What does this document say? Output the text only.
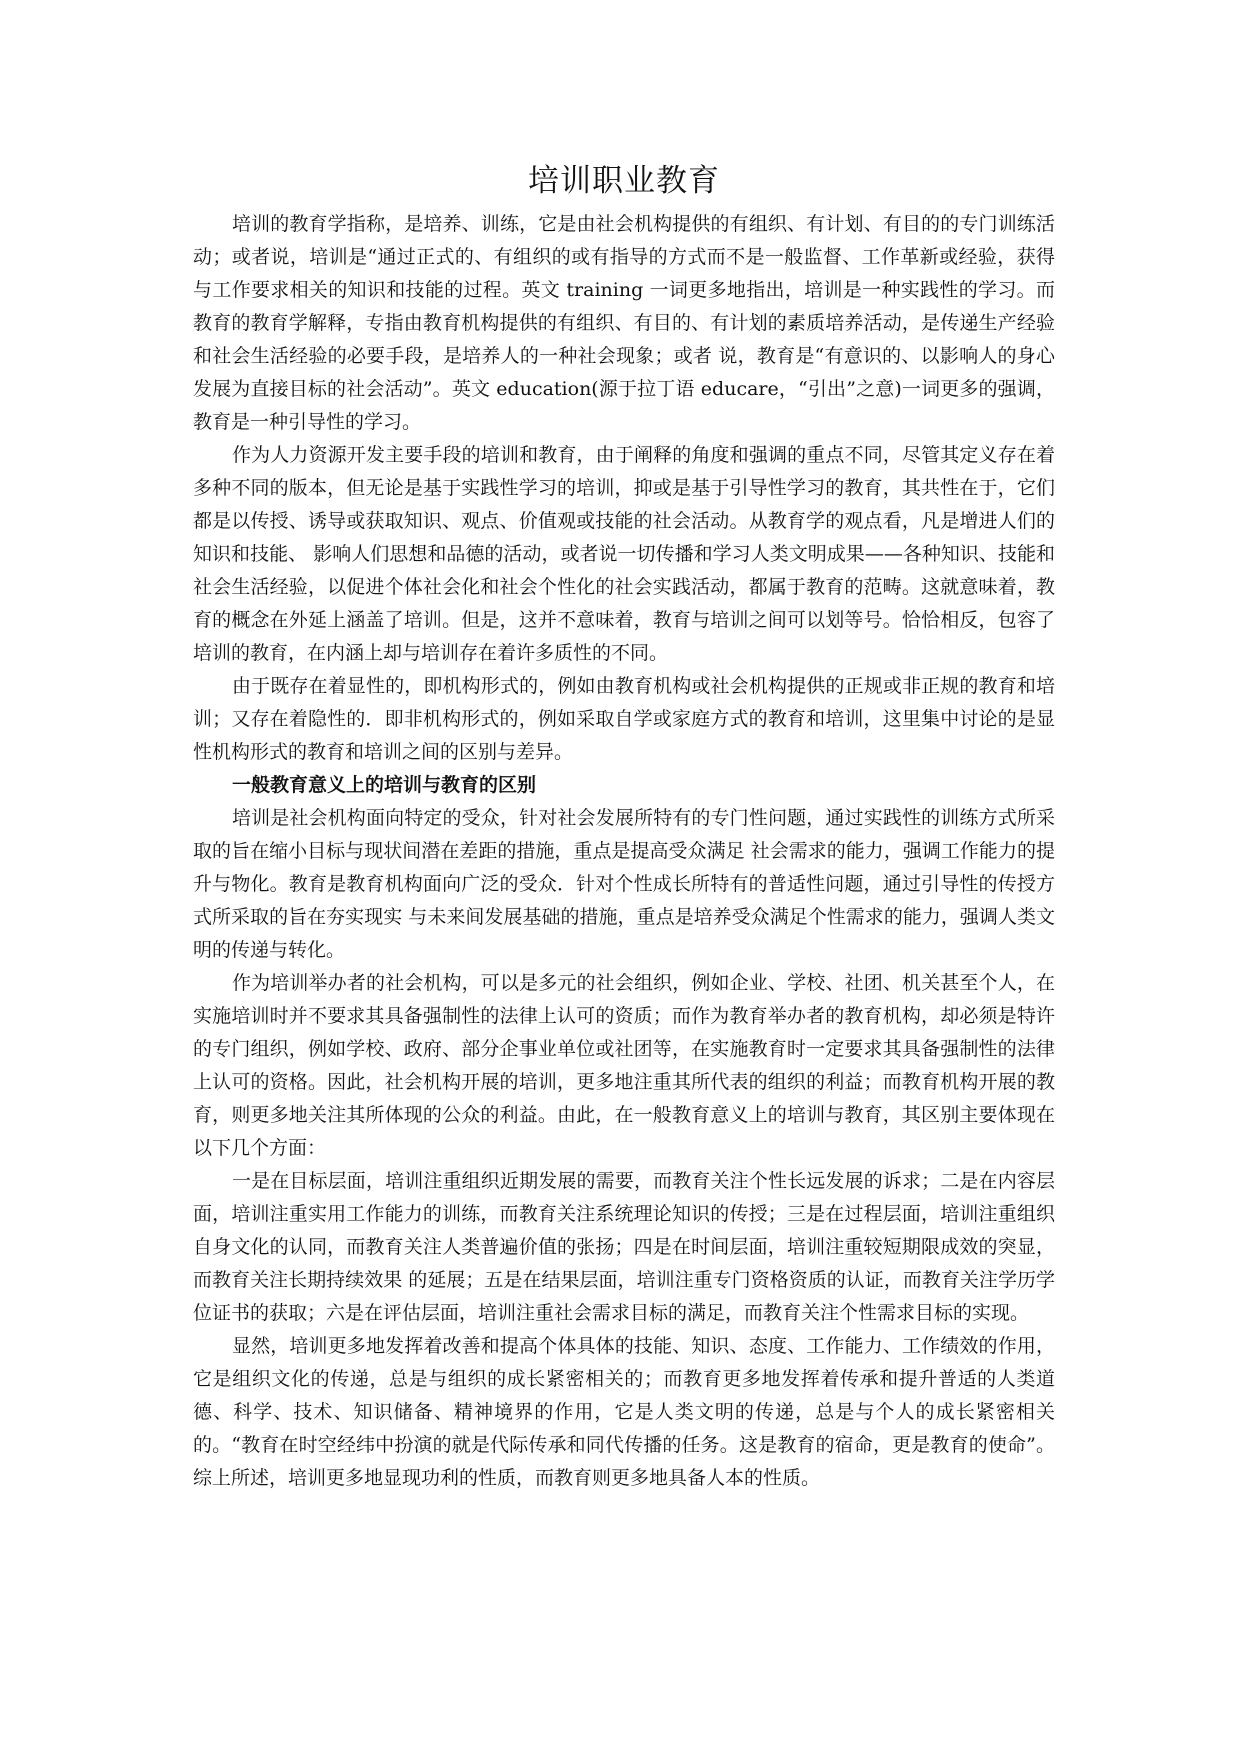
培训职业教育

培训的教育学指称，是培养、训练，它是由社会机构提供的有组织、有计划、有目的的专门训练活动；或者说，培训是“通过正式的、有组织的或有指导的方式而不是一般监督、工作革新或经验，获得与工作要求相关的知识和技能的过程。英文 training 一词更多地指出，培训是一种实践性的学习。而教育的教育学解释，专指由教育机构提供的有组织、有目的、有计划的素质培养活动，是传递生产经验和社会生活经验的必要手段，是培养人的一种社会现象；或者 说，教育是“有意识的、以影响人的身心发展为直接目标的社会活动”。英文 education(源于拉丁语 educare，“引出”之意)一词更多的强调，教育是一种引导性的学习。

作为人力资源开发主要手段的培训和教育，由于阐释的角度和强调的重点不同，尽管其定义存在着多种不同的版本，但无论是基于实践性学习的培训，抑或是基于引导性学习的教育，其共性在于，它们都是以传授、诱导或获取知识、观点、价值观或技能的社会活动。从教育学的观点看，凡是增进人们的知识和技能、 影响人们思想和品德的活动，或者说一切传播和学习人类文明成果——各种知识、技能和社会生活经验，以促进个体社会化和社会个性化的社会实践活动，都属于教育的范畴。这就意味着，教育的概念在外延上涵盖了培训。但是，这并不意味着，教育与培训之间可以划等号。恰恰相反，包容了培训的教育，在内涵上却与培训存在着许多质性的不同。

由于既存在着显性的，即机构形式的，例如由教育机构或社会机构提供的正规或非正规的教育和培训；又存在着隐性的．即非机构形式的，例如采取自学或家庭方式的教育和培训，这里集中讨论的是显性机构形式的教育和培训之间的区别与差异。

一般教育意义上的培训与教育的区别

培训是社会机构面向特定的受众，针对社会发展所特有的专门性问题，通过实践性的训练方式所采取的旨在缩小目标与现状间潜在差距的措施，重点是提高受众满足 社会需求的能力，强调工作能力的提升与物化。教育是教育机构面向广泛的受众．针对个性成长所特有的普适性问题，通过引导性的传授方式所采取的旨在夯实现实 与未来间发展基础的措施，重点是培养受众满足个性需求的能力，强调人类文明的传递与转化。

作为培训举办者的社会机构，可以是多元的社会组织，例如企业、学校、社团、机关甚至个人，在实施培训时并不要求其具备强制性的法律上认可的资质；而作为教育举办者的教育机构，却必须是特许的专门组织，例如学校、政府、部分企事业单位或社团等，在实施教育时一定要求其具备强制性的法律上认可的资格。因此，社会机构开展的培训，更多地注重其所代表的组织的利益；而教育机构开展的教育，则更多地关注其所体现的公众的利益。由此，在一般教育意义上的培训与教育，其区别主要体现在以下几个方面：

一是在目标层面，培训注重组织近期发展的需要，而教育关注个性长远发展的诉求；二是在内容层面，培训注重实用工作能力的训练，而教育关注系统理论知识的传授；三是在过程层面，培训注重组织自身文化的认同，而教育关注人类普遍价值的张扬；四是在时间层面，培训注重较短期限成效的突显，而教育关注长期持续效果 的延展；五是在结果层面，培训注重专门资格资质的认证，而教育关注学历学位证书的获取；六是在评估层面，培训注重社会需求目标的满足，而教育关注个性需求目标的实现。

显然，培训更多地发挥着改善和提高个体具体的技能、知识、态度、工作能力、工作绩效的作用，它是组织文化的传递，总是与组织的成长紧密相关的；而教育更多地发挥着传承和提升普适的人类道德、科学、技术、知识储备、精神境界的作用，它是人类文明的传递，总是与个人的成长紧密相关的。“教育在时空经纬中扮演的就是代际传承和同代传播的任务。这是教育的宿命，更是教育的使命”。综上所述，培训更多地显现功利的性质，而教育则更多地具备人本的性质。
